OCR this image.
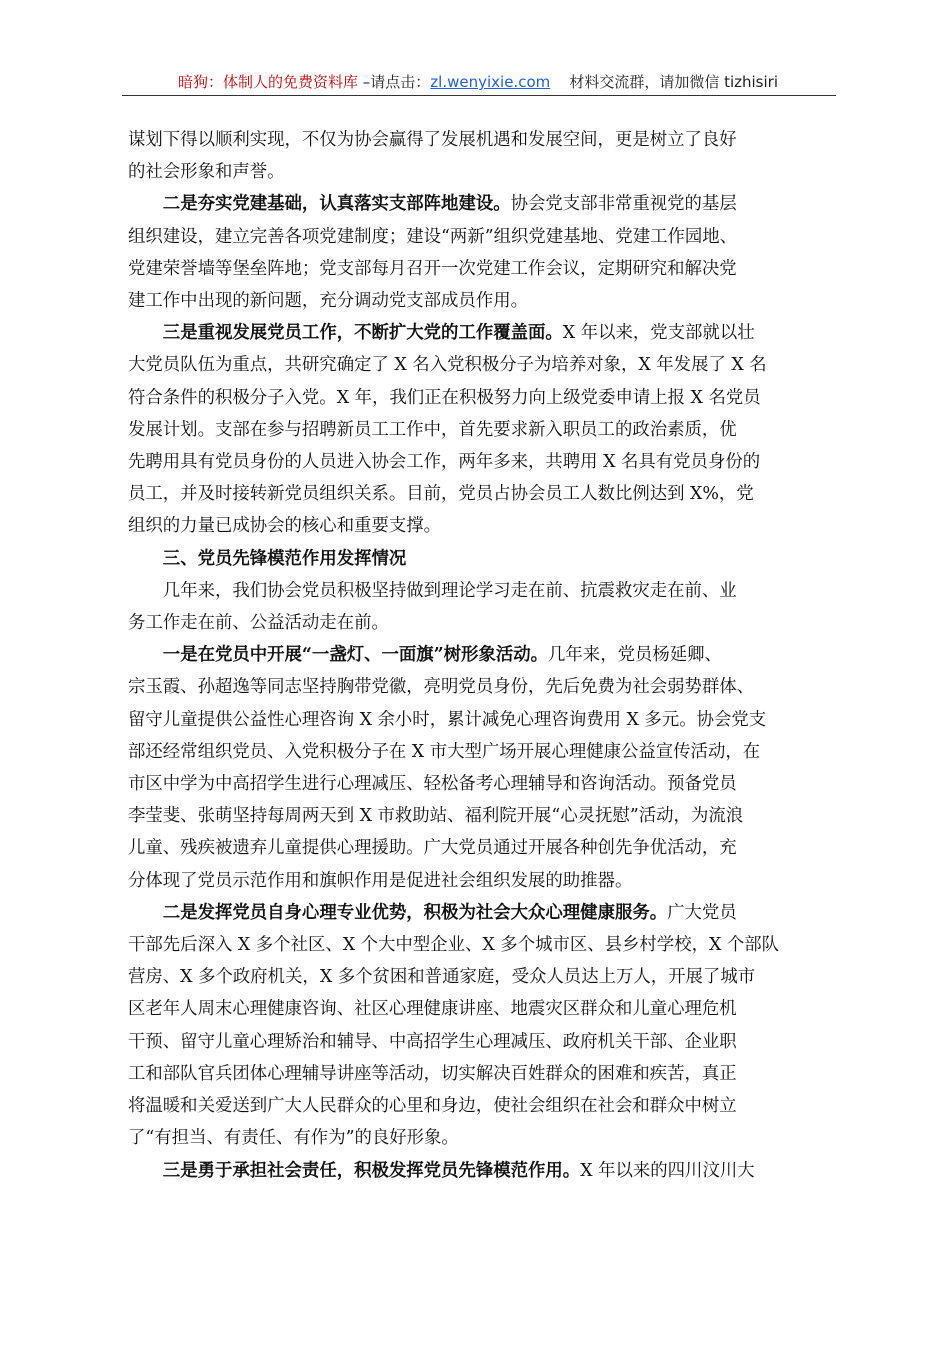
暗狗：体制人的免费资料库 –请点击：zl.wenyixie.com 材料交流群，请加微信 tizhisiri

谋划下得以顺利实现，不仅为协会赢得了发展机遇和发展空间，更是树立了良好
的社会形象和声誉。

二是夯实党建基础，认真落实支部阵地建设。协会党支部非常重视党的基层
组织建设，建立完善各项党建制度；建设“两新”组织党建基地、党建工作园地、
党建荣誉墙等堡垒阵地；党支部每月召开一次党建工作会议，定期研究和解决党
建工作中出现的新问题，充分调动党支部成员作用。

三是重视发展党员工作，不断扩大党的工作覆盖面。X 年以来，党支部就以壮
大党员队伍为重点，共研究确定了 X 名入党积极分子为培养对象，X 年发展了 X 名
符合条件的积极分子入党。X 年，我们正在积极努力向上级党委申请上报 X 名党员
发展计划。支部在参与招聘新员工工作中，首先要求新入职员工的政治素质，优
先聘用具有党员身份的人员进入协会工作，两年多来，共聘用 X 名具有党员身份的
员工，并及时接转新党员组织关系。目前，党员占协会员工人数比例达到 X%，党
组织的力量已成协会的核心和重要支撑。

三、党员先锋模范作用发挥情况

几年来，我们协会党员积极坚持做到理论学习走在前、抗震救灾走在前、业
务工作走在前、公益活动走在前。

一是在党员中开展“一盏灯、一面旗”树形象活动。几年来，党员杨延卿、
宗玉霞、孙超逸等同志坚持胸带党徽，亮明党员身份，先后免费为社会弱势群体、
留守儿童提供公益性心理咨询 X 余小时，累计减免心理咨询费用 X 多元。协会党支
部还经常组织党员、入党积极分子在 X 市大型广场开展心理健康公益宣传活动，在
市区中学为中高招学生进行心理减压、轻松备考心理辅导和咨询活动。预备党员
李莹斐、张萌坚持每周两天到 X 市救助站、福利院开展“心灵抚慰”活动，为流浪
儿童、残疾被遗弃儿童提供心理援助。广大党员通过开展各种创先争优活动，充
分体现了党员示范作用和旗帜作用是促进社会组织发展的助推器。

二是发挥党员自身心理专业优势，积极为社会大众心理健康服务。广大党员
干部先后深入 X 多个社区、X 个大中型企业、X 多个城市区、县乡村学校，X 个部队
营房、X 多个政府机关，X 多个贫困和普通家庭，受众人员达上万人，开展了城市
区老年人周末心理健康咨询、社区心理健康讲座、地震灾区群众和儿童心理危机
干预、留守儿童心理矫治和辅导、中高招学生心理减压、政府机关干部、企业职
工和部队官兵团体心理辅导讲座等活动，切实解决百姓群众的困难和疾苦，真正
将温暖和关爱送到广大人民群众的心里和身边，使社会组织在社会和群众中树立
了“有担当、有责任、有作为”的良好形象。

三是勇于承担社会责任，积极发挥党员先锋模范作用。X 年以来的四川汶川大
